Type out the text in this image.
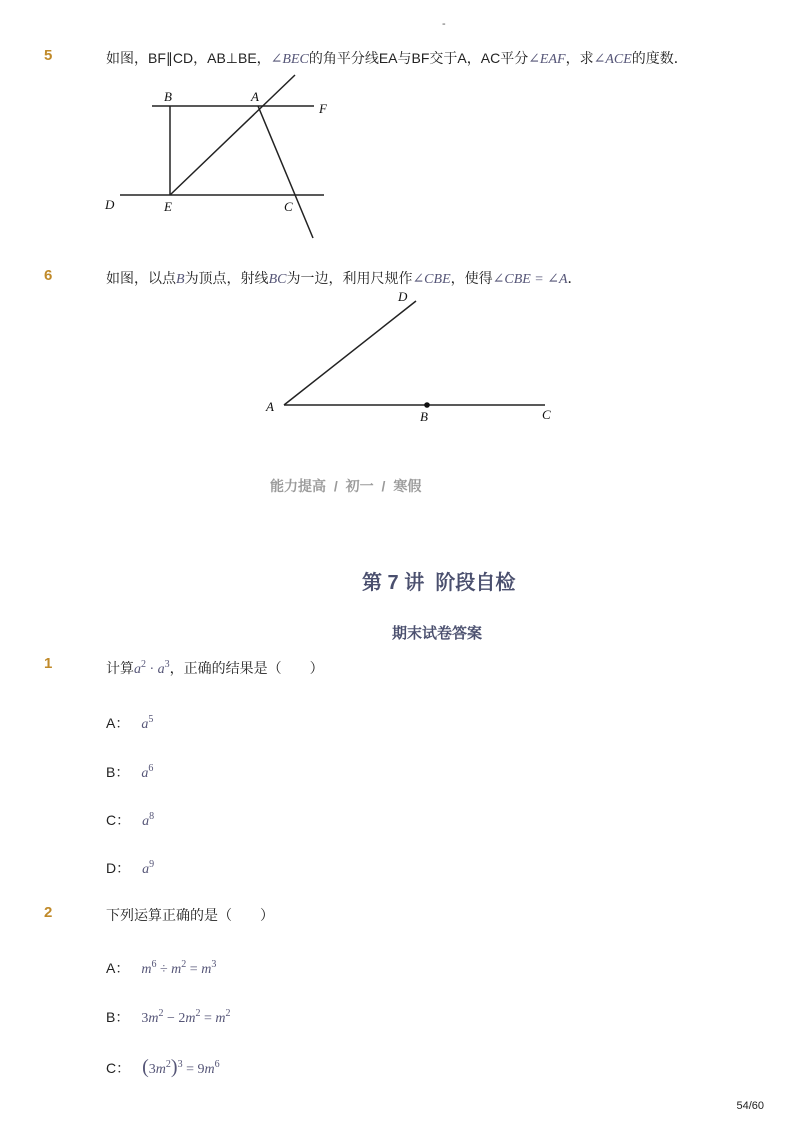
-
5	如图，BF∥CD，AB⊥BE，∠BEC的角平分线EA与BF交于A，AC平分∠EAF，求∠ACE的度数．
B	A
F
D	E	C
6	如图，以点B为顶点，射线BC为一边，利用尺规作∠CBE，使得∠CBE = ∠A．
D
A
B	C
能力提高 / 初一 / 寒假
第 7 讲  阶段自检
期末试卷答案
1	计算$a^2 \cdot a^3$，正确的结果是（　　）
A： $a^5$
B： $a^6$
C： $a^8$
D： $a^9$
2	下列运算正确的是（　　）
A： $m^6 \div m^2 = m^3$
B： $3m^2 - 2m^2 = m^2$
C： $(3m^2)^3 = 9m^6$
54/60
